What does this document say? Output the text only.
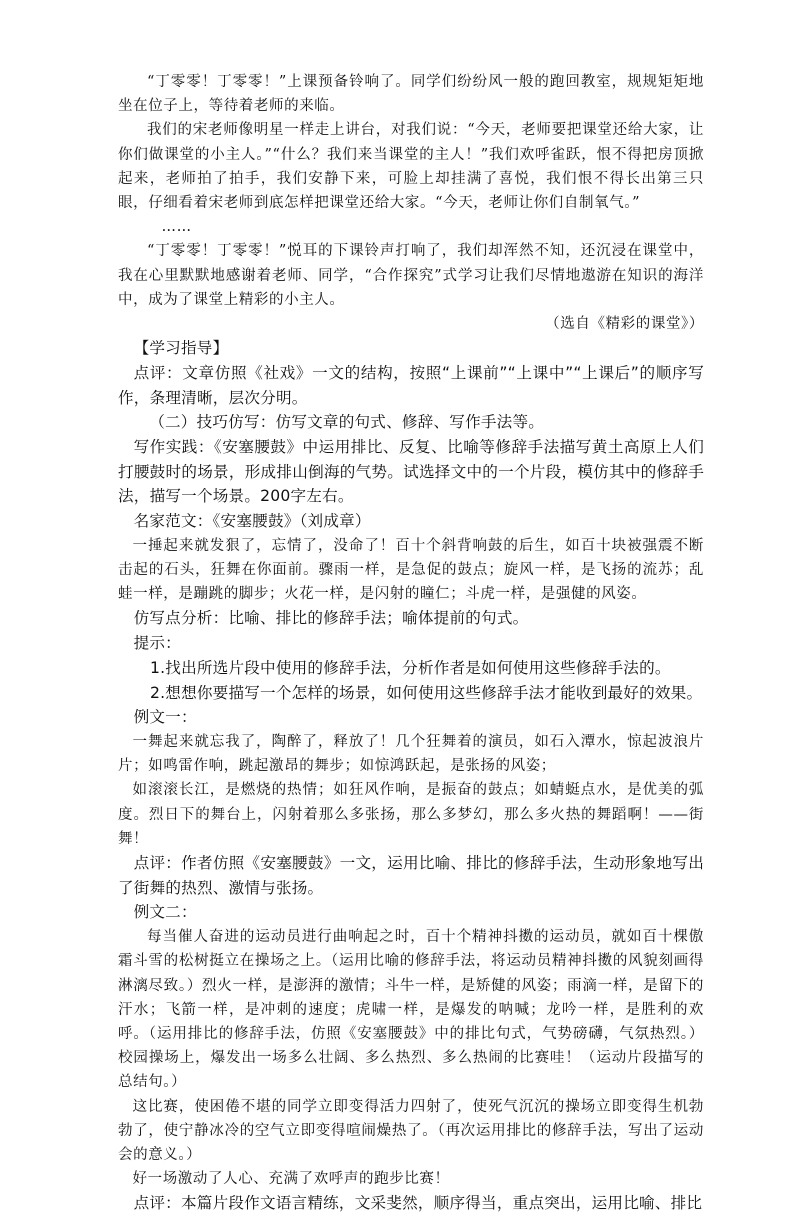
“丁零零！丁零零！”上课预备铃响了。同学们纷纷风一般的跑回教室，规规矩矩地坐在位子上，等待着老师的来临。

我们的宋老师像明星一样走上讲台，对我们说：“今天，老师要把课堂还给大家，让你们做课堂的小主人。”“什么？我们来当课堂的主人！”我们欢呼雀跃，恨不得把房顶掀起来，老师拍了拍手，我们安静下来，可脸上却挂满了喜悦，我们恨不得长出第三只眼，仔细看着宋老师到底怎样把课堂还给大家。“今天，老师让你们自制氧气。”

……

“丁零零！丁零零！”悦耳的下课铃声打响了，我们却浑然不知，还沉浸在课堂中，我在心里默默地感谢着老师、同学，“合作探究”式学习让我们尽情地遨游在知识的海洋中，成为了课堂上精彩的小主人。

（选自《精彩的课堂》）

【学习指导】

点评：文章仿照《社戏》一文的结构，按照“上课前”“上课中”“上课后”的顺序写作，条理清晰，层次分明。

（二）技巧仿写：仿写文章的句式、修辞、写作手法等。

写作实践：《安塞腰鼓》中运用排比、反复、比喻等修辞手法描写黄土高原上人们打腰鼓时的场景，形成排山倒海的气势。试选择文中的一个片段，模仿其中的修辞手法，描写一个场景。200字左右。

名家范文：《安塞腰鼓》（刘成章）

一捶起来就发狠了，忘情了，没命了！百十个斜背响鼓的后生，如百十块被强震不断击起的石头，狂舞在你面前。骤雨一样，是急促的鼓点；旋风一样，是飞扬的流苏；乱蛙一样，是蹦跳的脚步；火花一样，是闪射的瞳仁；斗虎一样，是强健的风姿。

仿写点分析：比喻、排比的修辞手法；喻体提前的句式。

提示：

1.找出所选片段中使用的修辞手法，分析作者是如何使用这些修辞手法的。

2.想想你要描写一个怎样的场景，如何使用这些修辞手法才能收到最好的效果。

例文一：

一舞起来就忘我了，陶醉了，释放了！几个狂舞着的演员，如石入潭水，惊起波浪片片；如鸣雷作响，跳起激昂的舞步；如惊鸿跃起，是张扬的风姿；

如滚滚长江，是燃烧的热情；如狂风作响，是振奋的鼓点；如蜻蜓点水，是优美的弧度。烈日下的舞台上，闪射着那么多张扬，那么多梦幻，那么多火热的舞蹈啊！——街舞！

点评：作者仿照《安塞腰鼓》一文，运用比喻、排比的修辞手法，生动形象地写出了街舞的热烈、激情与张扬。

例文二：

每当催人奋进的运动员进行曲响起之时，百十个精神抖擞的运动员，就如百十棵傲霜斗雪的松树挺立在操场之上。（运用比喻的修辞手法，将运动员精神抖擞的风貌刻画得淋漓尽致。）烈火一样，是澎湃的激情；斗牛一样，是矫健的风姿；雨滴一样，是留下的汗水；飞箭一样，是冲刺的速度；虎啸一样，是爆发的呐喊；龙吟一样，是胜利的欢呼。（运用排比的修辞手法，仿照《安塞腰鼓》中的排比句式，气势磅礴，气氛热烈。）校园操场上，爆发出一场多么壮阔、多么热烈、多么热闹的比赛哇！（运动片段描写的总结句。）

这比赛，使困倦不堪的同学立即变得活力四射了，使死气沉沉的操场立即变得生机勃勃了，使宁静冰冷的空气立即变得喧闹燥热了。（再次运用排比的修辞手法，写出了运动会的意义。）

好一场激动了人心、充满了欢呼声的跑步比赛！

点评：本篇片段作文语言精练，文采斐然，顺序得当，重点突出，运用比喻、排比
